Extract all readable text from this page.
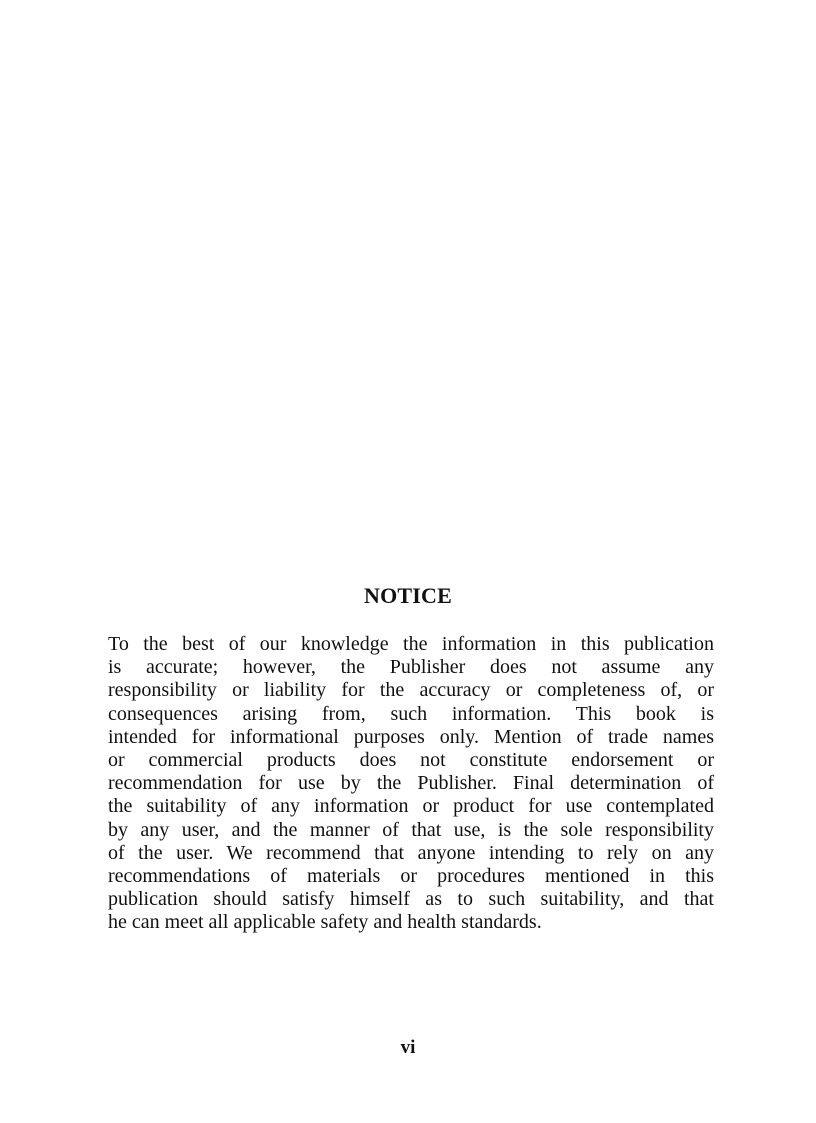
NOTICE
To the best of our knowledge the information in this publication
is accurate; however, the Publisher does not assume any
responsibility or liability for the accuracy or completeness of, or
consequences arising from, such information. This book is
intended for informational purposes only. Mention of trade names
or commercial products does not constitute endorsement or
recommendation for use by the Publisher. Final determination of
the suitability of any information or product for use contemplated
by any user, and the manner of that use, is the sole responsibility
of the user. We recommend that anyone intending to rely on any
recommendations of materials or procedures mentioned in this
publication should satisfy himself as to such suitability, and that
he can meet all applicable safety and health standards.
vi
